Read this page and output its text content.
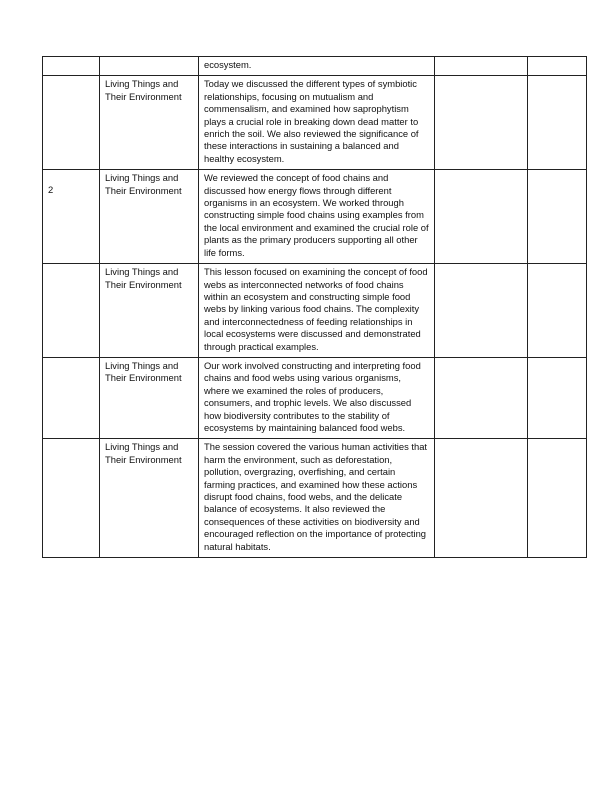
		ecosystem.		

	Living Things and Their Environment	Today we discussed the different types of symbiotic relationships, focusing on mutualism and commensalism, and examined how saprophytism plays a crucial role in breaking down dead matter to enrich the soil. We also reviewed the significance of these interactions in sustaining a balanced and healthy ecosystem.		

2	Living Things and Their Environment	We reviewed the concept of food chains and discussed how energy flows through different organisms in an ecosystem. We worked through constructing simple food chains using examples from the local environment and examined the crucial role of plants as the primary producers supporting all other life forms.		

	Living Things and Their Environment	This lesson focused on examining the concept of food webs as interconnected networks of food chains within an ecosystem and constructing simple food webs by linking various food chains. The complexity and interconnectedness of feeding relationships in local ecosystems were discussed and demonstrated through practical examples.		

	Living Things and Their Environment	Our work involved constructing and interpreting food chains and food webs using various organisms, where we examined the roles of producers, consumers, and trophic levels. We also discussed how biodiversity contributes to the stability of ecosystems by maintaining balanced food webs.		

	Living Things and Their Environment	The session covered the various human activities that harm the environment, such as deforestation, pollution, overgrazing, overfishing, and certain farming practices, and examined how these actions disrupt food chains, food webs, and the delicate balance of ecosystems. It also reviewed the consequences of these activities on biodiversity and encouraged reflection on the importance of protecting natural habitats.		
